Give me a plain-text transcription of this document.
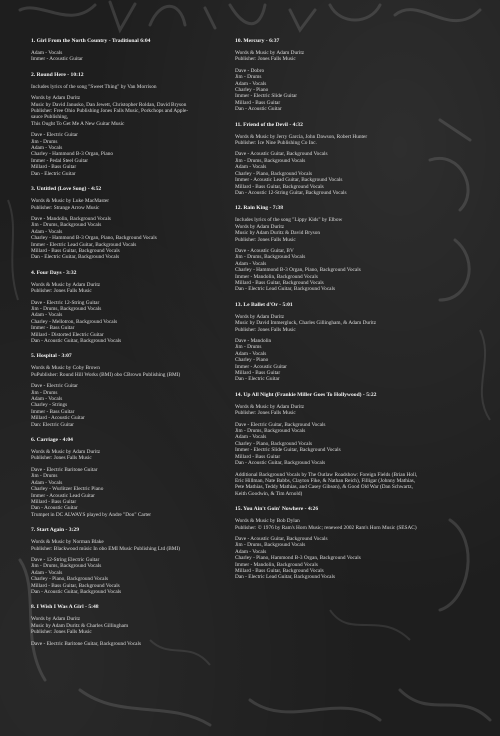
1. Girl From the North Country - Traditional 6:04
Adam - Vocals
Immer - Acoustic Guitar
2. Round Here - 10:12
Includes lyrics of the song "Sweet Thing" by Van Morrison
Words by Adam Duritz
Music by David Janusko, Dan Jewett, Christopher Roldan, David Bryson
Publisher: Free Ohio Publishing Jones Falls Music, Porkchops and Apple-
sauce Publishing,
This Ought To Get Me A New Guitar Music
Dave - Electric Guitar
Jim - Drums
Adam - Vocals
Charley - Hammond B-3 Organ, Piano
Immer - Pedal Steel Guitar
Millard - Bass Guitar
Dan - Electric Guitar
3. Untitled (Love Song) - 4:52
Words & Music by Luke MacMaster
Publisher: Strange Arrow Music
Dave - Mandolin, Background Vocals
Jim - Drums, Background Vocals
Adam - Vocals
Charley - Hammond B-3 Organ, Piano, Background Vocals
Immer - Electric Lead Guitar, Background Vocals
Millard - Bass Guitar, Background Vocals
Dan - Electric Guitar, Background Vocals
4. Four Days - 3:32
Words & Music by Adam Duritz
Publisher: Jones Falls Music
Dave - Electric 12-String Guitar
Jim - Drums, Background Vocals
Adam - Vocals
Charley - Mellotron, Background Vocals
Immer - Bass Guitar
Millard - Distorted Electric Guitar
Dan - Acoustic Guitar, Background Vocals
5. Hospital - 3:07
Words & Music by Coby Brown
PuPublisher: Round Hill Works (BMI) obo CBrown Publishing (BMI)
Dave - Electric Guitar
Jim - Drums
Adam - Vocals
Charley - Strings
Immer - Bass Guitar
Millard - Acoustic Guitar
Dan: Electric Guitar
6. Carriage - 4:04
Words & Music by Adam Duritz
Publisher: Jones Falls Music
Dave - Electric Baritone Guitar
Jim - Drums
Adam - Vocals
Charley - Wurlitzer Electric Piano
Immer - Acoustic Lead Guitar
Millard - Bass Guitar
Dan - Acoustic Guitar
Trumpet in DC ALWAYS played by Andre "Don" Carter
7. Start Again - 3:29
Words & Music by Norman Blake
Publisher: Blackwood müsic In obo EMI Music Publishing Ltd (BMI)
Dave - 12-String Electric Guitar
Jim - Drums, Background Vocals
Adam - Vocals
Charley - Piano, Background Vocals
Millard - Bass Guitar, Background Vocals
Dan - Acoustic Guitar, Background Vocals
8. I Wish I Was A Girl - 5:48
Words by Adam Duritz
Music by Adam Duritz & Charles Gillingham
Publisher: Jones Falls Music
Dave - Electric Baritone Guitar, Background Vocals
10. Mercury - 6:37
Words & Music by Adam Duritz
Publisher: Jones Falls Music
Dave - Dobro
Jim - Drums
Adam - Vocals
Charley - Piano
Immer - Electric Slide Guitar
Millard - Bass Guitar
Dan - Acoustic Guitar
11. Friend of the Devil - 4:32
Words & Music by Jerry Garcia, John Dawson, Robert Hunter
Publisher: Ice Nine Publishing Co Inc.
Dave - Acoustic Guitar, Background Vocals
Jim - Drums, Background Vocals
Adam - Vocals
Charley - Piano, Background Vocals
Immer - Acoustic Lead Guitar, Background Vocals
Millard - Bass Guitar, Background Vocals
Dan - Acoustic 12-String Guitar, Background Vocals
12. Rain King - 7:38
Includes lyrics of the song "Lippy Kids" by Elbow
Words by Adam Duritz
Music by Adam Duritz & David Bryson
Publisher: Jones Falls Music
Dave - Acoustic Guitar, BV
Jim - Drums, Background Vocals
Adam - Vocals
Charley - Hammond B-3 Organ, Piano, Background Vocals
Immer - Mandolin, Background Vocals
Millard - Bass Guitar, Background Vocals
Dan - Electric Lead Guitar, Background Vocals
13. Le Ballet d'Or - 5:01
Words by Adam Duritz
Music by David Immergluck, Charles Gillingham, & Adam Duritz
Publisher: Jones Falls Music
Dave - Mandolin
Jim - Drums
Adam - Vocals
Charley - Piano
Immer - Acoustic Guitar
Millard - Bass Guitar
Dan - Electric Guitar
14. Up All Night (Frankie Miller Goes To Hollywood) - 5:22
Words & Music by Adam Duritz
Publisher: Jones Falls Music
Dave - Electric Guitar, Background Vocals
Jim - Drums, Background Vocals
Adam - Vocals
Charley - Piano, Background Vocals
Immer - Electric Slide Guitar, Background Vocals
Millard - Bass Guitar
Dan - Acoustic Guitar, Background Vocals
Additional Background Vocals by The Outlaw Roadshow: Foreign Fields (Brian Holl,
Eric Hillman, Nate Babbs, Clayton Fike, & Nathan Reich), Filligar (Johnny Mathias,
Pete Mathias, Teddy Mathias, and Casey Gibson), & Good Old War (Dan Schwartz,
Keith Goodwin, & Tim Arnold)
15. You Ain't Goin' Nowhere - 4:26
Words & Music by Bob Dylan
Publisher: © 1976 by Ram's Horn Music; renewed 2002 Ram's Horn Music (SESAC)
Dave - Acoustic Guitar, Background Vocals
Jim - Drums, Background Vocals
Adam - Vocals
Charley - Piano, Hammond B-3 Organ, Background Vocals
Immer - Mandolin, Background Vocals
Millard - Bass Guitar, Background Vocals
Dan - Electric Lead Guitar, Background Vocals
